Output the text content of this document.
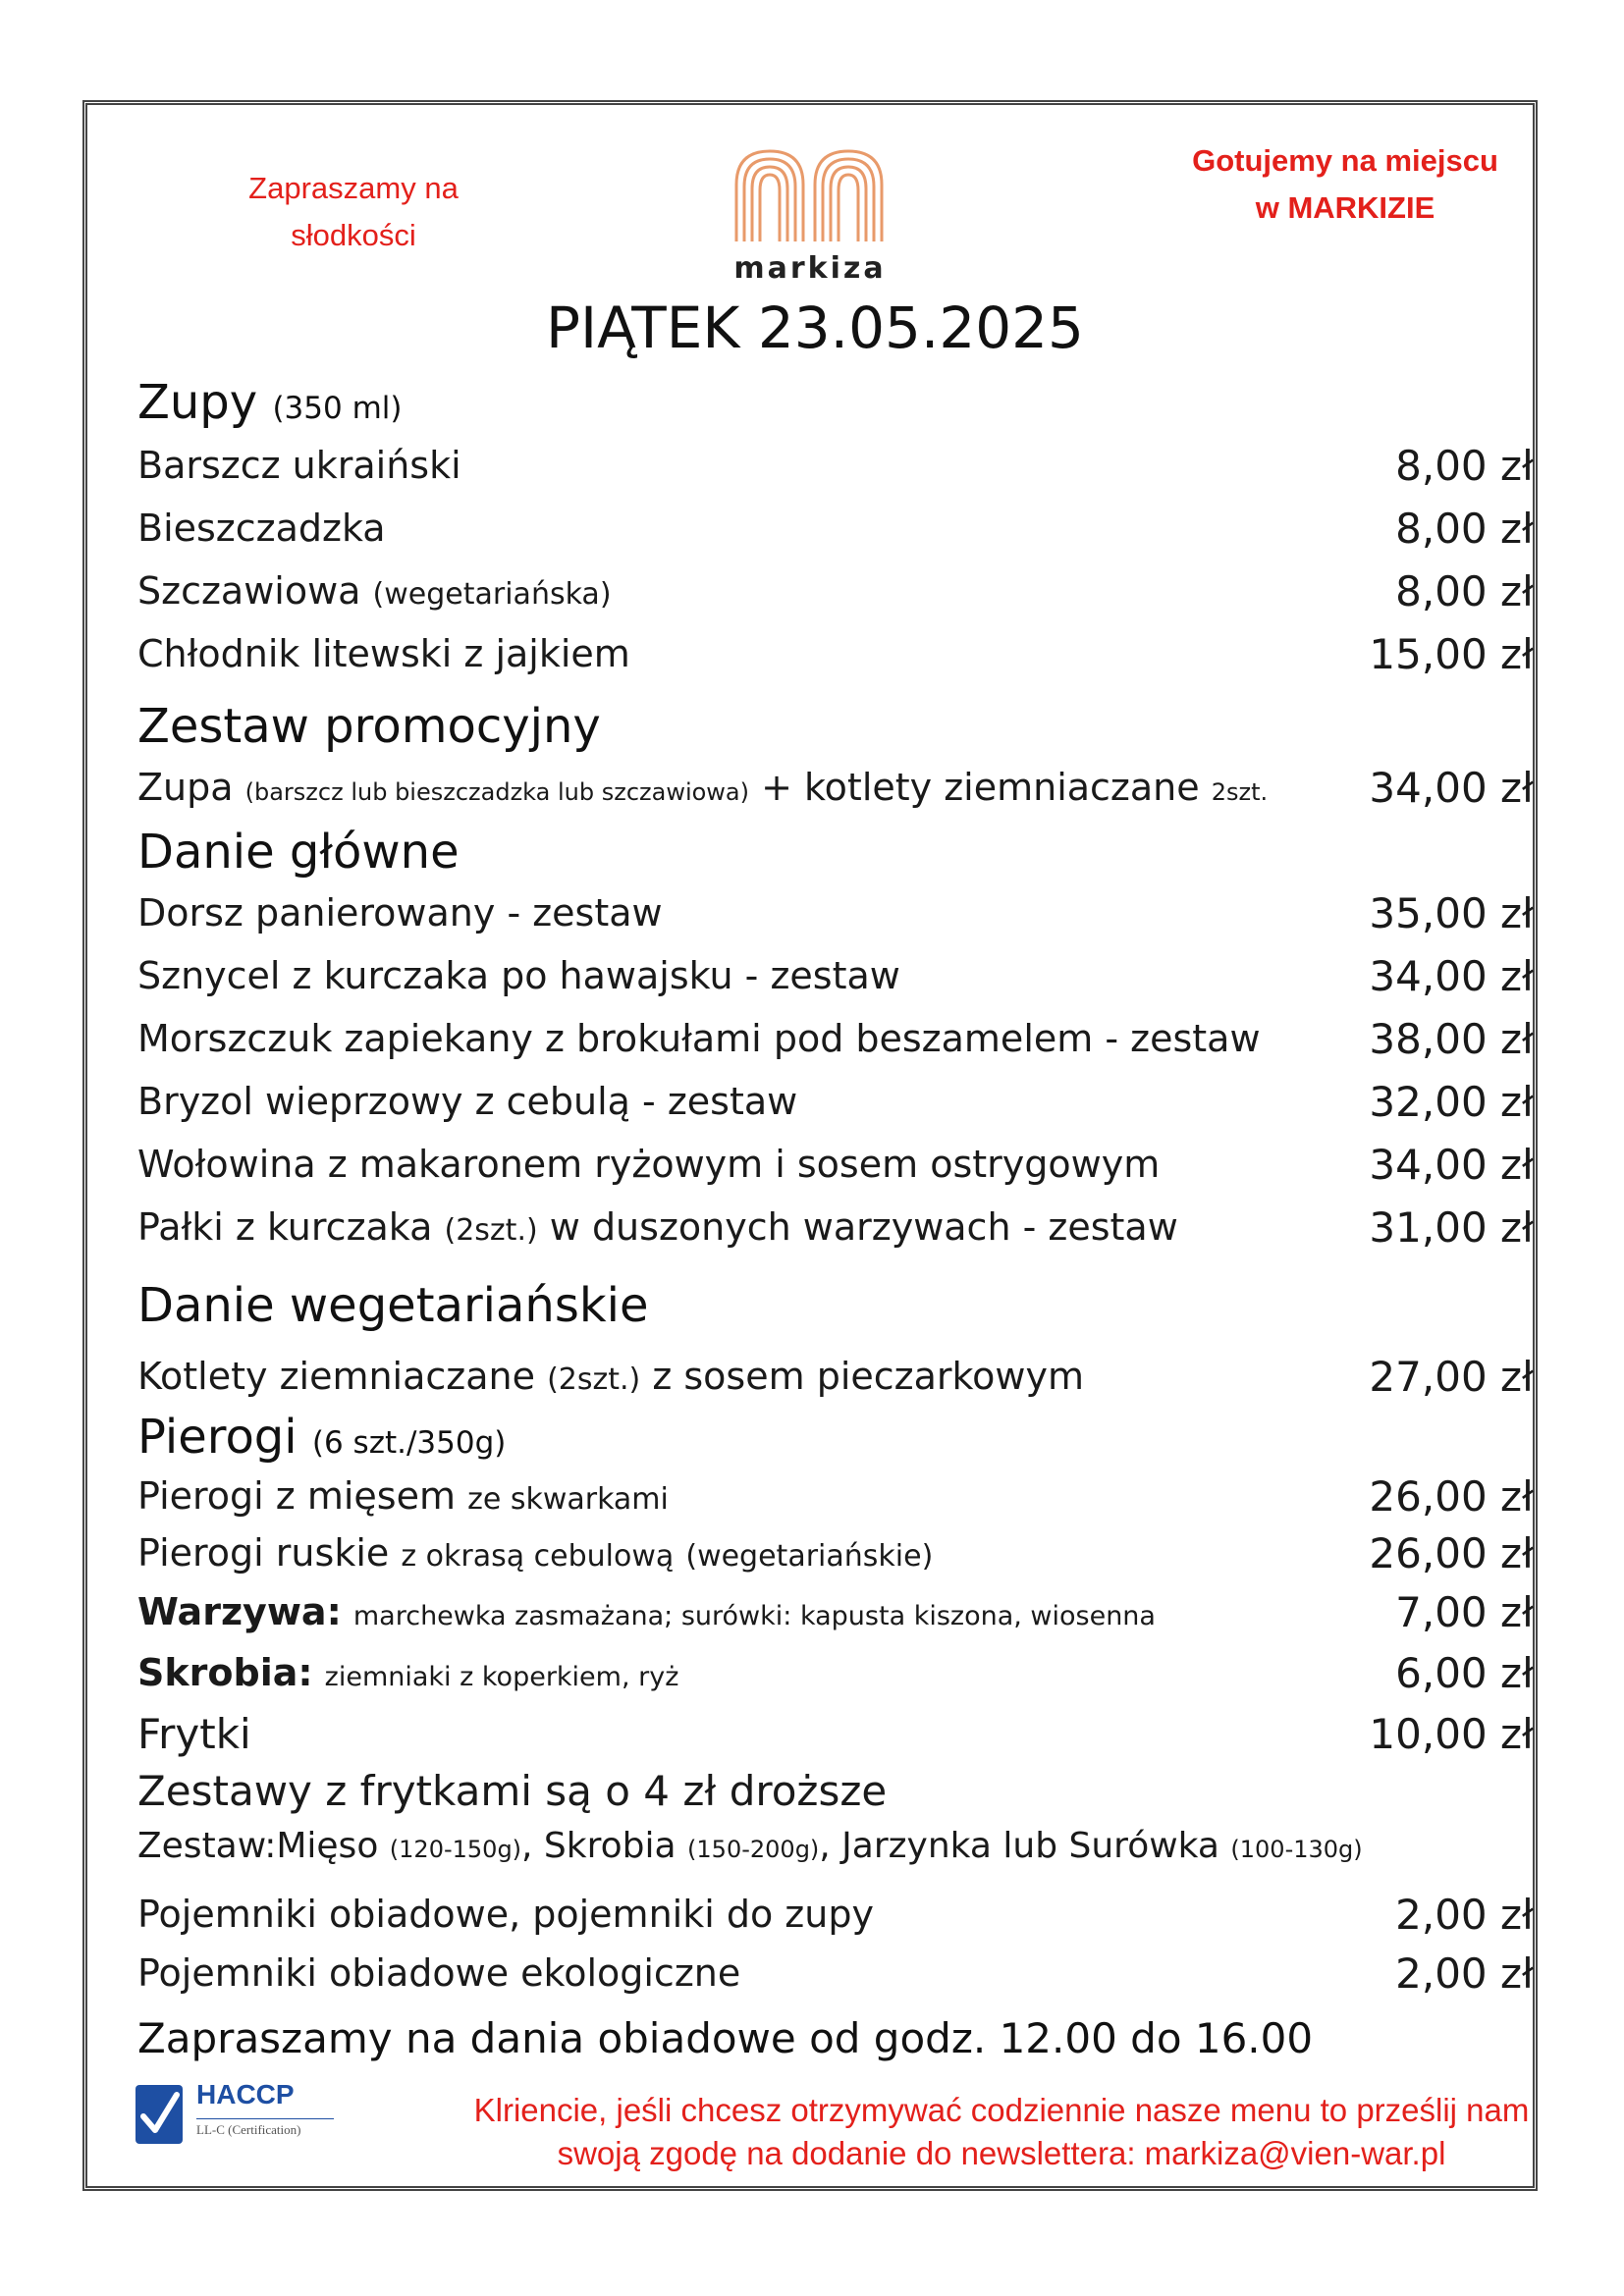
Zapraszamy na
słodkości
markiza
Gotujemy na miejscu
w MARKIZIE
PIĄTEK 23.05.2025
Zupy (350 ml)
Barszcz ukraiński	8,00 zł
Bieszczadzka	8,00 zł
Szczawiowa (wegetariańska)	8,00 zł
Chłodnik litewski z jajkiem	15,00 zł
Zestaw promocyjny
Zupa (barszcz lub bieszczadzka lub szczawiowa) + kotlety ziemniaczane 2szt. 34,00 zł
Danie główne
Dorsz panierowany - zestaw	35,00 zł
Sznycel z kurczaka po hawajsku - zestaw	34,00 zł
Morszczuk zapiekany z brokułami pod beszamelem - zestaw	38,00 zł
Bryzol wieprzowy z cebulą - zestaw	32,00 zł
Wołowina z makaronem ryżowym i sosem ostrygowym	34,00 zł
Pałki z kurczaka (2szt.) w duszonych warzywach - zestaw	31,00 zł
Danie wegetariańskie
Kotlety ziemniaczane (2szt.) z sosem pieczarkowym	27,00 zł
Pierogi (6 szt./350g)
Pierogi z mięsem ze skwarkami	26,00 zł
Pierogi ruskie z okrasą cebulową (wegetariańskie)	26,00 zł
Warzywa: marchewka zasmażana; surówki: kapusta kiszona, wiosenna	7,00 zł
Skrobia: ziemniaki z koperkiem, ryż	6,00 zł
Frytki	10,00 zł
Zestawy z frytkami są o 4 zł droższe
Zestaw:Mięso (120-150g), Skrobia (150-200g), Jarzynka lub Surówka (100-130g)
Pojemniki obiadowe, pojemniki do zupy	2,00 zł
Pojemniki obiadowe ekologiczne	2,00 zł
Zapraszamy na dania obiadowe od godz. 12.00 do 16.00
HACCP
LL-C (Certification)
Klriencie, jeśli chcesz otrzymywać codziennie nasze menu to prześlij nam
swoją zgodę na dodanie do newslettera: markiza@vien-war.pl
